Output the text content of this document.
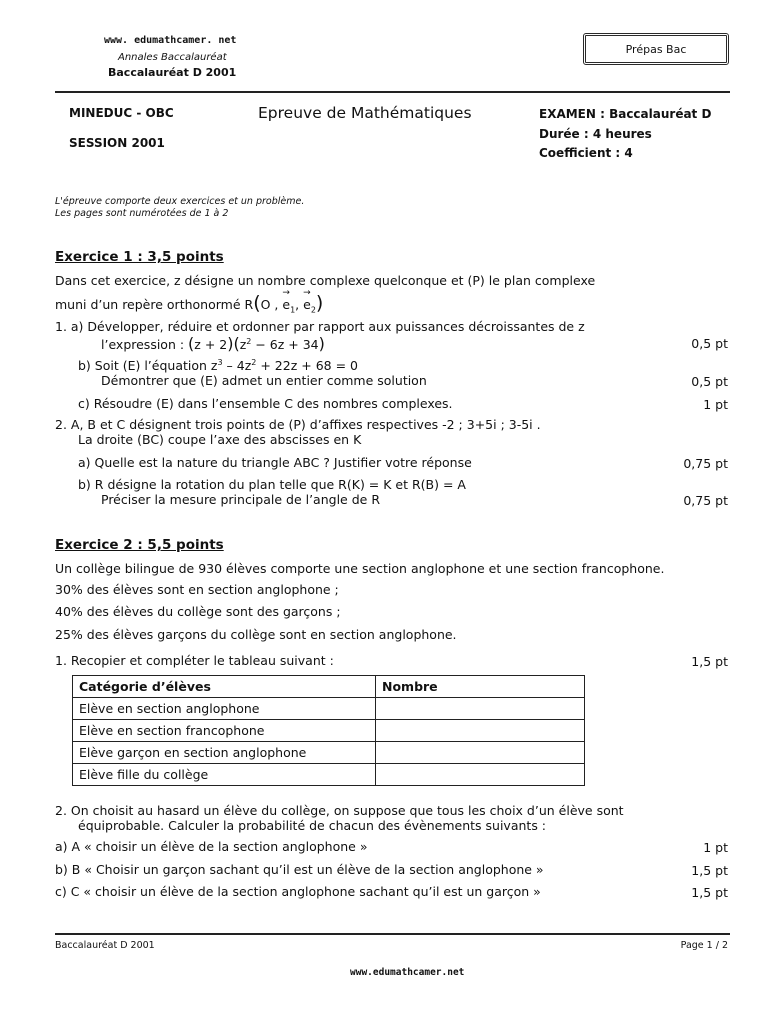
www. edumathcamer. net
Annales Baccalauréat
Baccalauréat D 2001
Prépas Bac
MINEDUC - OBC
SESSION 2001
Epreuve de Mathématiques	EXAMEN : Baccalauréat D
Durée : 4 heures
Coefficient : 4
L'épreuve comporte deux exercices et un problème.
Les pages sont numérotées de 1 à 2
Exercice 1 : 3,5 points
Dans cet exercice, z désigne un nombre complexe quelconque et (P) le plan complexe
muni d’un repère orthonormé R(O , $e_1$
→
, $e_2$
→ )
1. a) Développer, réduire et ordonner par rapport aux puissances décroissantes de z
l’expression : $(z + 2)(z^2 - 6z + 34)$	0,5 pt
b) Soit (E) l’équation $z^3 - 4z^2 + 22z + 68 = 0$
Démontrer que (E) admet un entier comme solution	0,5 pt
c) Résoudre (E) dans l’ensemble C des nombres complexes.	1 pt
2. A, B et C désignent trois points de (P) d’affixes respectives -2 ; 3+5i ; 3-5i .
La droite (BC) coupe l’axe des abscisses en K
a) Quelle est la nature du triangle ABC ? Justifier votre réponse	0,75 pt
b) R désigne la rotation du plan telle que R(K) = K et R(B) = A
Préciser la mesure principale de l’angle de R	0,75 pt
Exercice 2 : 5,5 points
Un collège bilingue de 930 élèves comporte une section anglophone et une section francophone.
30% des élèves sont en section anglophone ;
40% des élèves du collège sont des garçons ;
25% des élèves garçons du collège sont en section anglophone.
1. Recopier et compléter le tableau suivant :	1,5 pt
Catégorie d’élèves	Nombre
Elève en section anglophone	
Elève en section francophone	
Elève garçon en section anglophone	
Elève fille du collège	
2. On choisit au hasard un élève du collège, on suppose que tous les choix d’un élève sont
équiprobable. Calculer la probabilité de chacun des évènements suivants :
a) A « choisir un élève de la section anglophone »	1 pt
b) B « Choisir un garçon sachant qu’il est un élève de la section anglophone »	1,5 pt
c) C « choisir un élève de la section anglophone sachant qu’il est un garçon »	1,5 pt
Baccalauréat D 2001	Page 1 / 2
www.edumathcamer.net
